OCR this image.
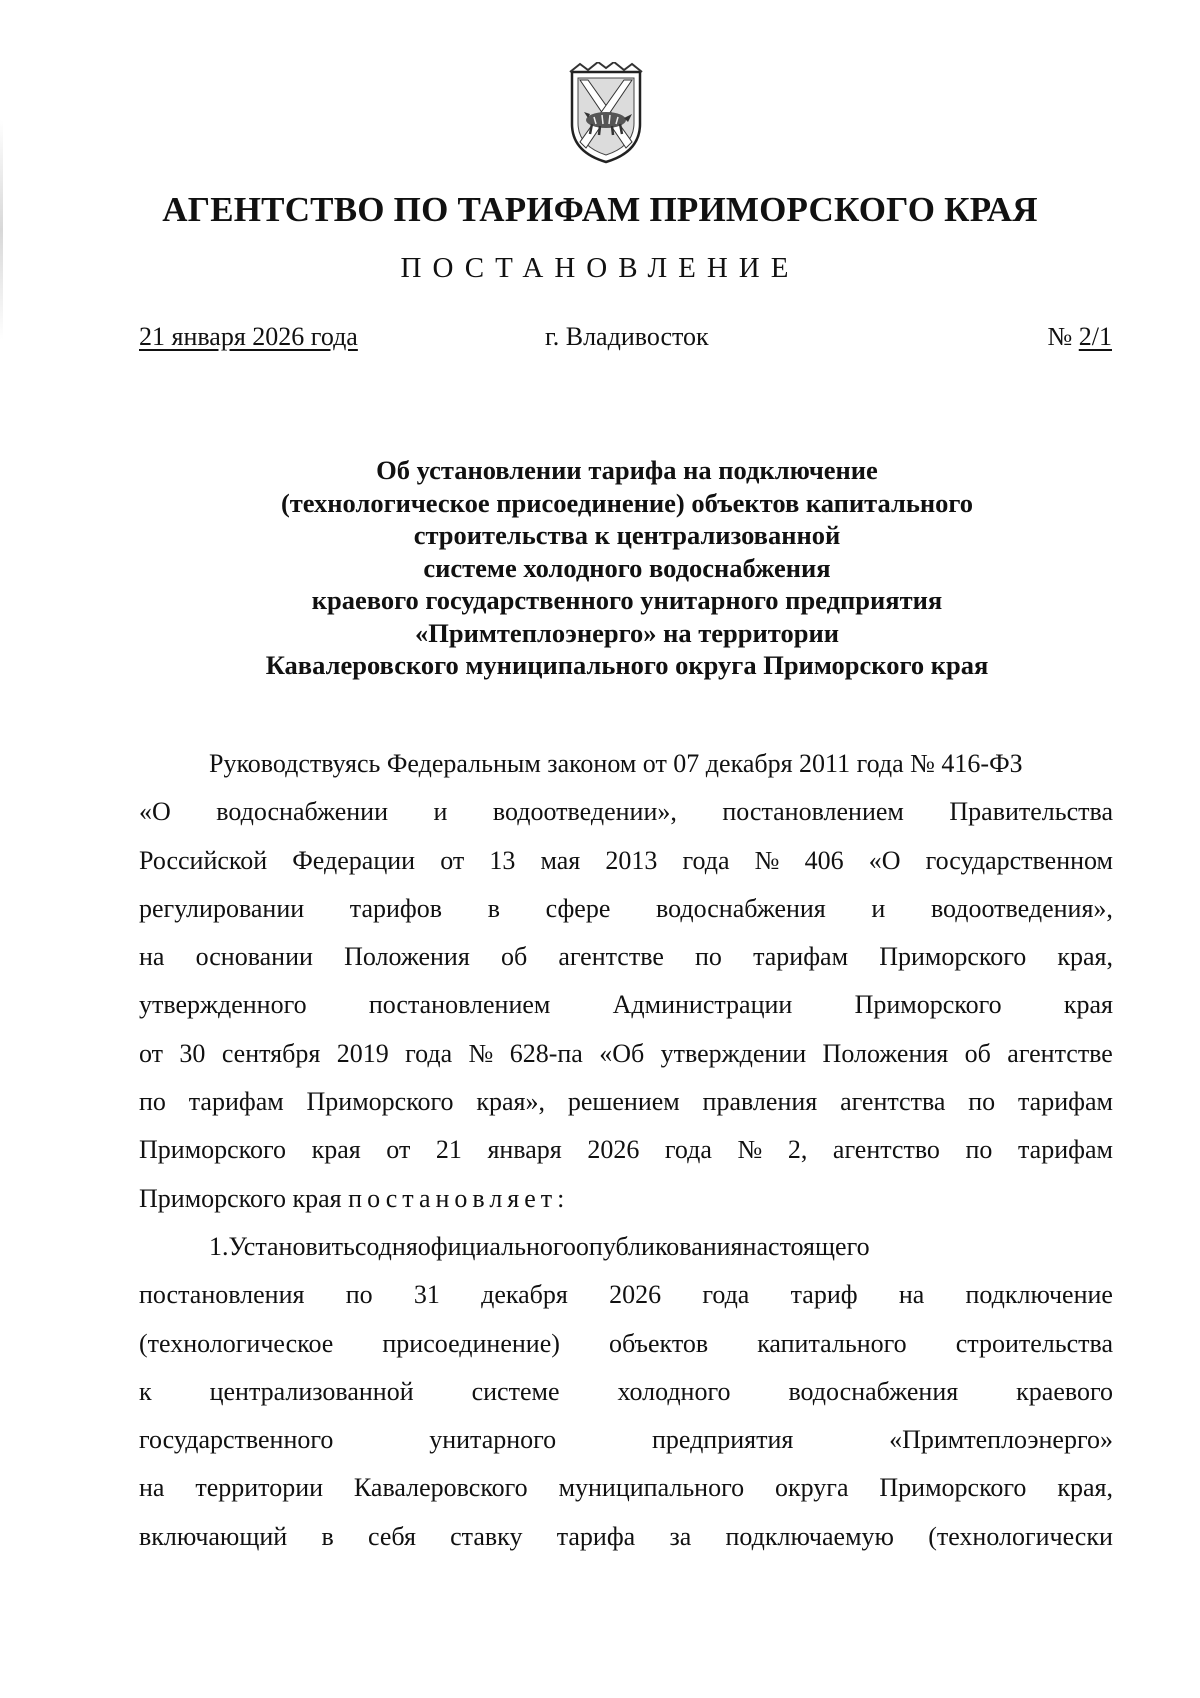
АГЕНТСТВО ПО ТАРИФАМ ПРИМОРСКОГО КРАЯ
ПОСТАНОВЛЕНИЕ
21 января 2026 года	г. Владивосток	№ 2/1
Об установлении тарифа на подключение
(технологическое присоединение) объектов капитального
строительства к централизованной
системе холодного водоснабжения
краевого государственного унитарного предприятия
«Примтеплоэнерго» на территории
Кавалеровского муниципального округа Приморского края
Руководствуясь Федеральным законом от 07 декабря 2011 года № 416-ФЗ
«О водоснабжении и водоотведении», постановлением Правительства
Российской Федерации от 13 мая 2013 года № 406 «О государственном
регулировании тарифов в сфере водоснабжения и водоотведения»,
на основании Положения об агентстве по тарифам Приморского края,
утвержденного постановлением Администрации Приморского края
от 30 сентября 2019 года № 628-па «Об утверждении Положения об агентстве
по тарифам Приморского края», решением правления агентства по тарифам
Приморского края от 21 января 2026 года № 2, агентство по тарифам
Приморского края постановляет:
1.Установитьсодняофициальногоопубликованиянастоящего
постановления по 31 декабря 2026 года тариф на подключение
(технологическое присоединение) объектов капитального строительства
к централизованной системе холодного водоснабжения краевого
государственного	унитарного	предприятия	«Примтеплоэнерго»
на территории Кавалеровского муниципального округа Приморского края,
включающий в себя ставку тарифа за подключаемую (технологически
